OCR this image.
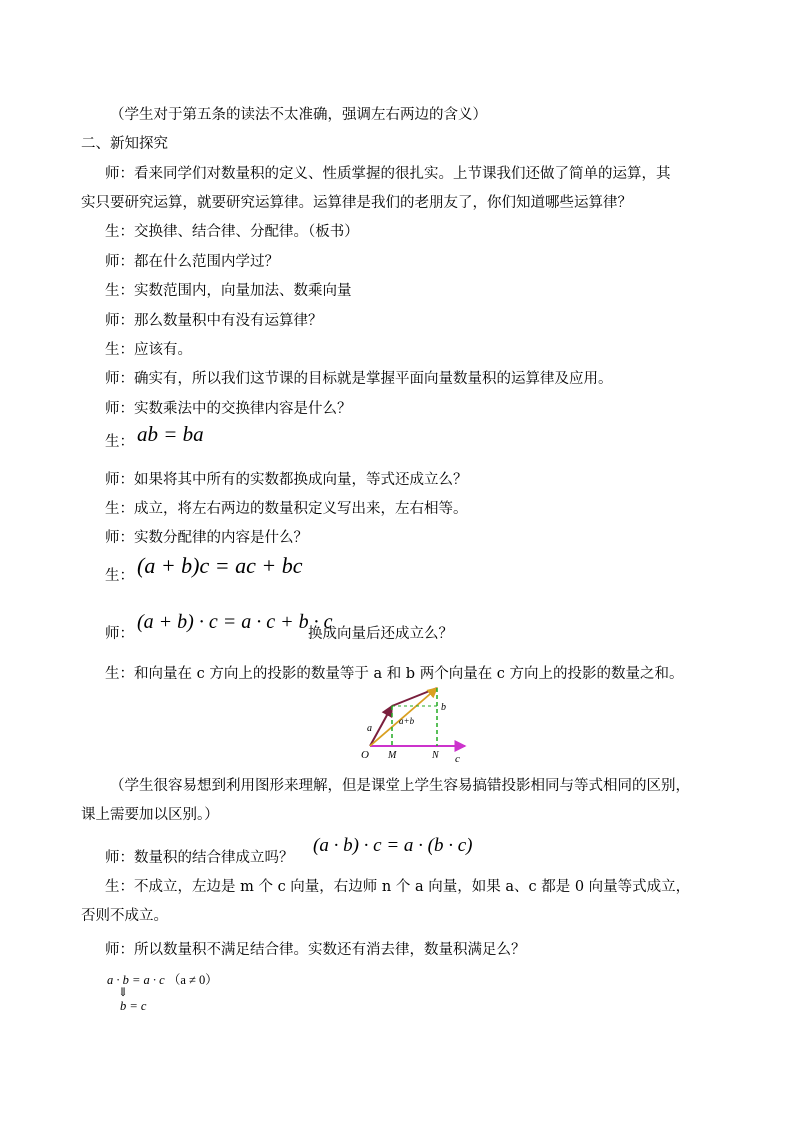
（学生对于第五条的读法不太准确，强调左右两边的含义）
二、新知探究
师：看来同学们对数量积的定义、性质掌握的很扎实。上节课我们还做了简单的运算，其
实只要研究运算，就要研究运算律。运算律是我们的老朋友了，你们知道哪些运算律？
生：交换律、结合律、分配律。（板书）
师：都在什么范围内学过？
生：实数范围内，向量加法、数乘向量
师：那么数量积中有没有运算律？
生：应该有。
师：确实有，所以我们这节课的目标就是掌握平面向量数量积的运算律及应用。
师：实数乘法中的交换律内容是什么？
生： ab = ba
师：如果将其中所有的实数都换成向量，等式还成立么？
生：成立，将左右两边的数量积定义写出来，左右相等。
师：实数分配律的内容是什么？
生： (a + b)c = ac + bc
师：
(a + b) · c = a · c + b · c
换成向量后还成立么？
生：和向量在 c 方向上的投影的数量等于 a 和 b 两个向量在 c 方向上的投影的数量之和。
O M	N c
a
b
a+b
（学生很容易想到利用图形来理解，但是课堂上学生容易搞错投影相同与等式相同的区别，
课上需要加以区别。）
师：数量积的结合律成立吗？
(a · b) · c = a · (b · c)
生：不成立，左边是 m 个 c 向量，右边师 n 个 a 向量，如果 a、c 都是 0 向量等式成立，
否则不成立。
师：所以数量积不满足结合律。实数还有消去律，数量积满足么？
a · b = a · c （a ≠ 0）
⇓
b = c
